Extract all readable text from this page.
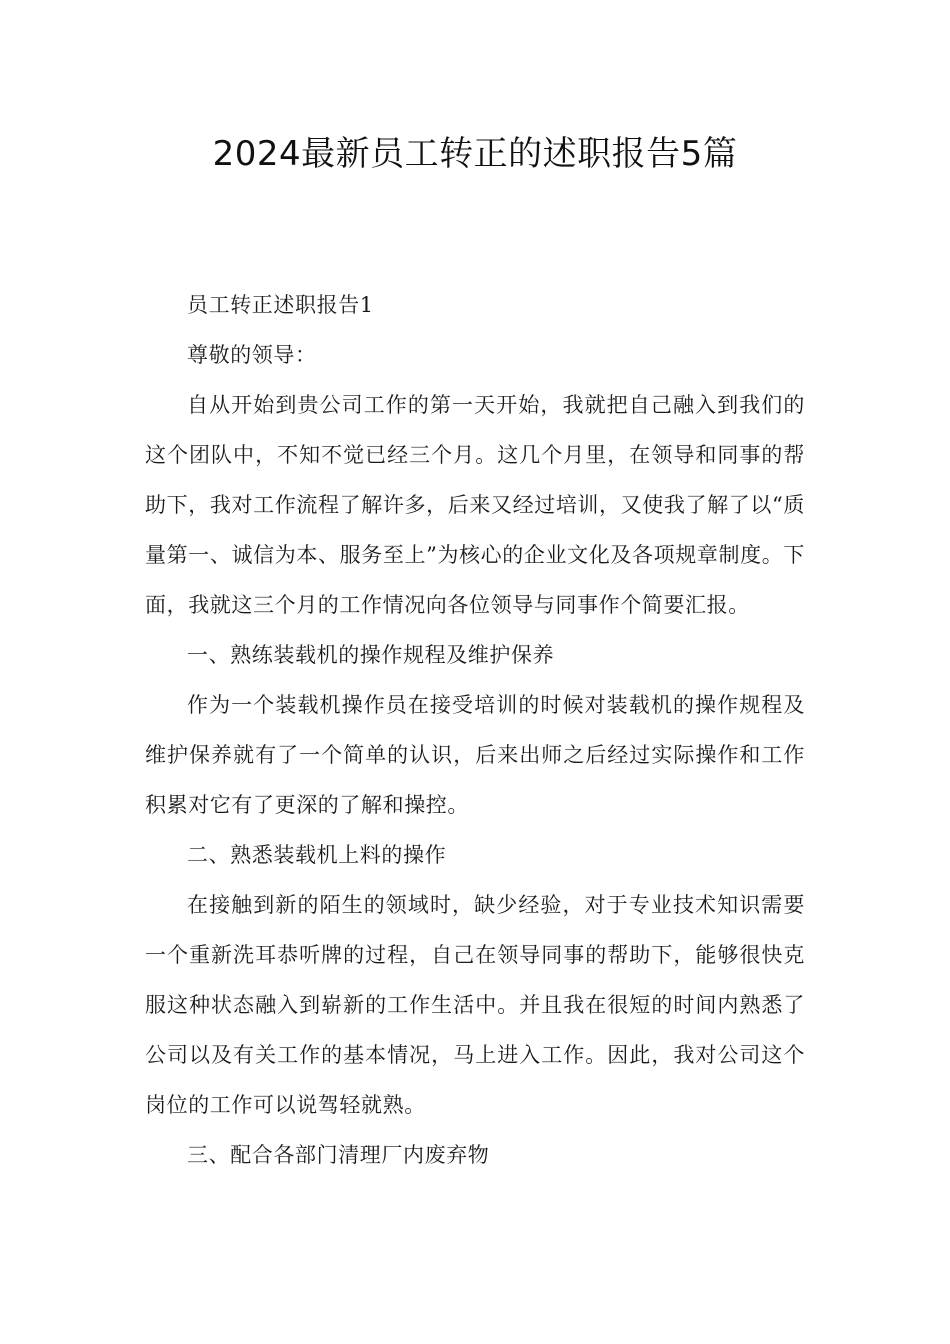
2024最新员工转正的述职报告5篇

员工转正述职报告1

尊敬的领导：

自从开始到贵公司工作的第一天开始，我就把自己融入到我们的这个团队中，不知不觉已经三个月。这几个月里，在领导和同事的帮助下，我对工作流程了解许多，后来又经过培训，又使我了解了以“质量第一、诚信为本、服务至上”为核心的企业文化及各项规章制度。下面，我就这三个月的工作情况向各位领导与同事作个简要汇报。

一、熟练装载机的操作规程及维护保养

作为一个装载机操作员在接受培训的时候对装载机的操作规程及维护保养就有了一个简单的认识，后来出师之后经过实际操作和工作积累对它有了更深的了解和操控。

二、熟悉装载机上料的操作

在接触到新的陌生的领域时，缺少经验，对于专业技术知识需要一个重新洗耳恭听牌的过程，自己在领导同事的帮助下，能够很快克服这种状态融入到崭新的工作生活中。并且我在很短的时间内熟悉了公司以及有关工作的基本情况，马上进入工作。因此，我对公司这个岗位的工作可以说驾轻就熟。

三、配合各部门清理厂内废弃物
